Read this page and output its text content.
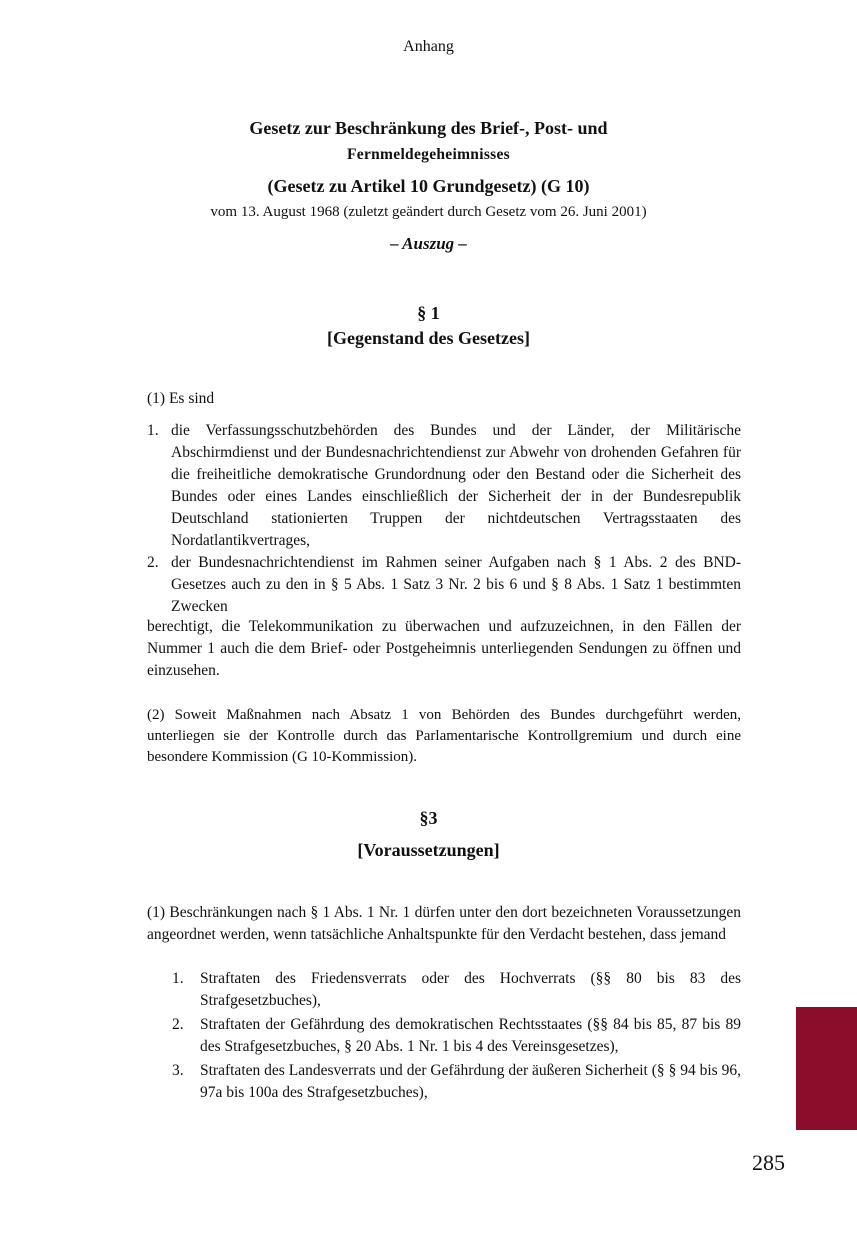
Anhang
Gesetz zur Beschränkung des Brief-, Post- und
Fernmeldegeheimnisses
(Gesetz zu Artikel 10 Grundgesetz) (G 10)
vom 13. August 1968 (zuletzt geändert durch Gesetz vom 26. Juni 2001)
– Auszug –
§ 1
[Gegenstand des Gesetzes]
(1) Es sind
1. die Verfassungsschutzbehörden des Bundes und der Länder, der Militärische Abschirmdienst und der Bundesnachrichtendienst zur Abwehr von drohenden Gefahren für die freiheitliche demokratische Grundordnung oder den Bestand oder die Sicherheit des Bundes oder eines Landes einschließlich der Sicherheit der in der Bundesrepublik Deutschland stationierten Truppen der nichtdeutschen Vertragsstaaten des Nordatlantikvertrages,
2. der Bundesnachrichtendienst im Rahmen seiner Aufgaben nach § 1 Abs. 2 des BND-Gesetzes auch zu den in § 5 Abs. 1 Satz 3 Nr. 2 bis 6 und § 8 Abs. 1 Satz 1 bestimmten Zwecken
berechtigt, die Telekommunikation zu überwachen und aufzuzeichnen, in den Fällen der Nummer 1 auch die dem Brief- oder Postgeheimnis unterliegenden Sendungen zu öffnen und einzusehen.
(2) Soweit Maßnahmen nach Absatz 1 von Behörden des Bundes durchgeführt werden, unterliegen sie der Kontrolle durch das Parlamentarische Kontrollgremium und durch eine besondere Kommission (G 10-Kommission).
§3
[Voraussetzungen]
(1) Beschränkungen nach § 1 Abs. 1 Nr. 1 dürfen unter den dort bezeichneten Voraussetzungen angeordnet werden, wenn tatsächliche Anhaltspunkte für den Verdacht bestehen, dass jemand
1. Straftaten des Friedensverrats oder des Hochverrats (§§ 80 bis 83 des Strafgesetzbuches),
2. Straftaten der Gefährdung des demokratischen Rechtsstaates (§§ 84 bis 85, 87 bis 89 des Strafgesetzbuches, § 20 Abs. 1 Nr. 1 bis 4 des Vereinsgesetzes),
3. Straftaten des Landesverrats und der Gefährdung der äußeren Sicherheit (§ § 94 bis 96, 97a bis 100a des Strafgesetzbuches),
285
